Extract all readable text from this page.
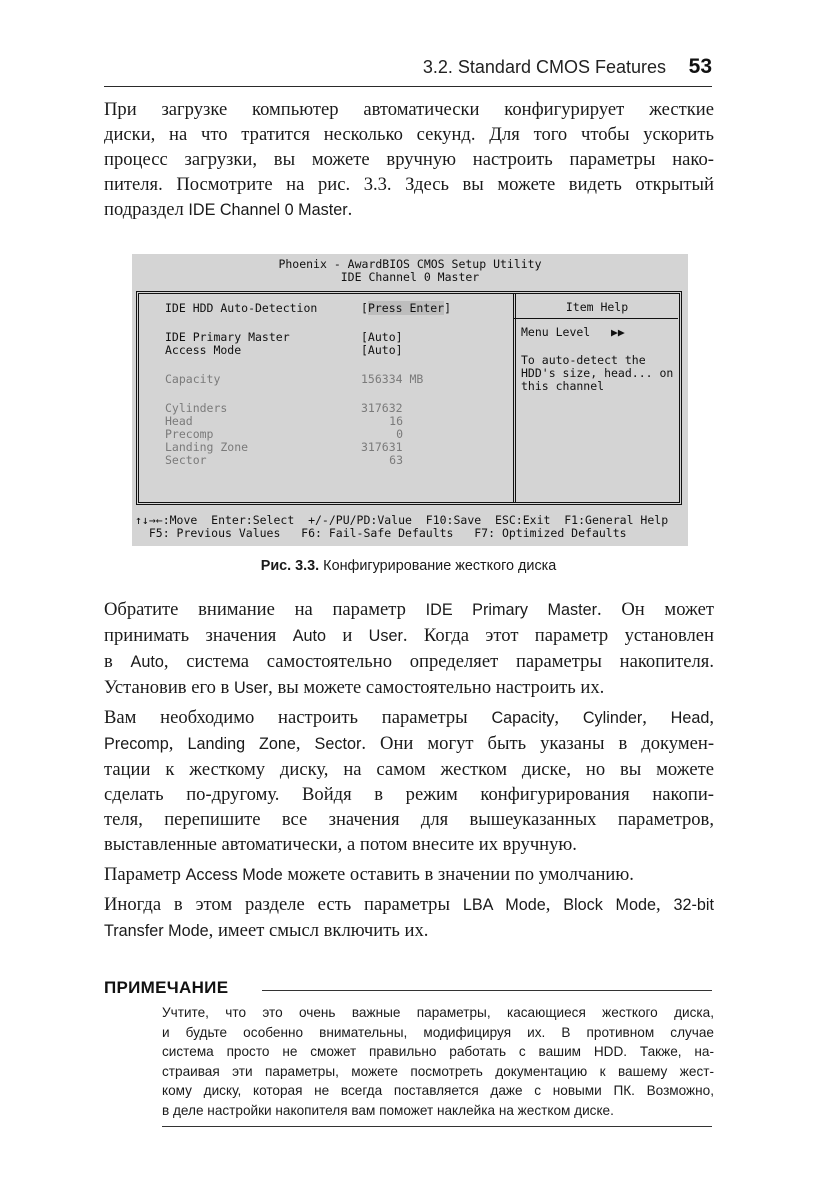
3.2. Standard CMOS Features 53

При загрузке компьютер автоматически конфигурирует жесткие
диски, на что тратится несколько секунд. Для того чтобы ускорить
процесс загрузки, вы можете вручную настроить параметры нако-
пителя. Посмотрите на рис. 3.3. Здесь вы можете видеть открытый
подраздел IDE Channel 0 Master.

Phoenix - AwardBIOS CMOS Setup Utility
IDE Channel 0 Master
IDE HDD Auto-Detection	[Press Enter]
IDE Primary Master	[Auto]
Access Mode	[Auto]
Capacity	156334 MB
Cylinders	317632
Head	16
Precomp	0
Landing Zone	317631
Sector	63
Item Help
Menu Level   ▶▶
To auto-detect the
HDD's size, head... on
this channel
↑↓→←:Move  Enter:Select  +/-/PU/PD:Value  F10:Save  ESC:Exit  F1:General Help
F5: Previous Values   F6: Fail-Safe Defaults   F7: Optimized Defaults
Рис. 3.3. Конфигурирование жесткого диска

Обратите внимание на параметр IDE Primary Master. Он может
принимать значения Auto и User. Когда этот параметр установлен
в Auto, система самостоятельно определяет параметры накопителя.
Установив его в User, вы можете самостоятельно настроить их.

Вам необходимо настроить параметры Capacity, Cylinder, Head,
Precomp, Landing Zone, Sector. Они могут быть указаны в докумен-
тации к жесткому диску, на самом жестком диске, но вы можете
сделать по-другому. Войдя в режим конфигурирования накопи-
теля, перепишите все значения для вышеуказанных параметров,
выставленные автоматически, а потом внесите их вручную.

Параметр Access Mode можете оставить в значении по умолчанию.

Иногда в этом разделе есть параметры LBA Mode, Block Mode, 32-bit
Transfer Mode, имеет смысл включить их.

ПРИМЕЧАНИЕ

Учтите, что это очень важные параметры, касающиеся жесткого диска,
и будьте особенно внимательны, модифицируя их. В противном случае
система просто не сможет правильно работать с вашим HDD. Также, на-
страивая эти параметры, можете посмотреть документацию к вашему жест-
кому диску, которая не всегда поставляется даже с новыми ПК. Возможно,
в деле настройки накопителя вам поможет наклейка на жестком диске.
